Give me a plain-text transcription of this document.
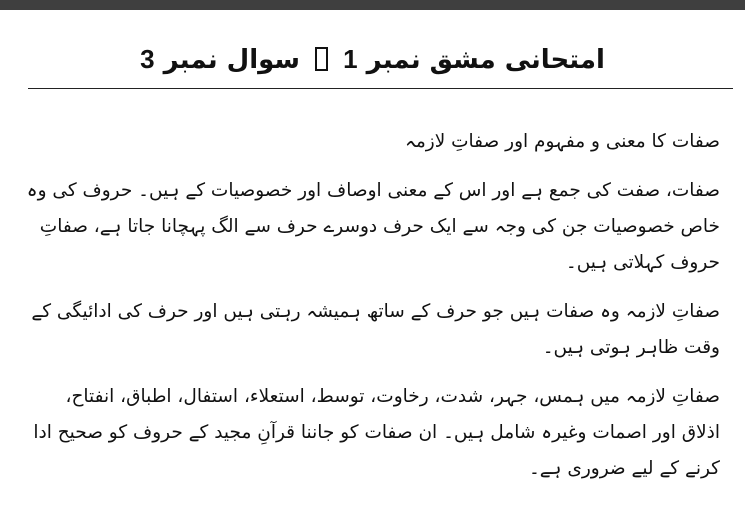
امتحانی مشق نمبر 1  سوال نمبر 3

صفات کا معنی و مفہوم اور صفاتِ لازمہ

صفات، صفت کی جمع ہے اور اس کے معنی اوصاف اور خصوصیات کے ہیں۔ حروف کی وہ خاص خصوصیات جن کی وجہ سے ایک حرف دوسرے حرف سے الگ پہچانا جاتا ہے، صفاتِ حروف کہلاتی ہیں۔

صفاتِ لازمہ وہ صفات ہیں جو حرف کے ساتھ ہمیشہ رہتی ہیں اور حرف کی ادائیگی کے وقت ظاہر ہوتی ہیں۔

صفاتِ لازمہ میں ہمس، جہر، شدت، رخاوت، توسط، استعلاء، استفال، اطباق، انفتاح، اذلاق اور اصمات وغیرہ شامل ہیں۔ ان صفات کو جاننا قرآنِ مجید کے حروف کو صحیح ادا کرنے کے لیے ضروری ہے۔
